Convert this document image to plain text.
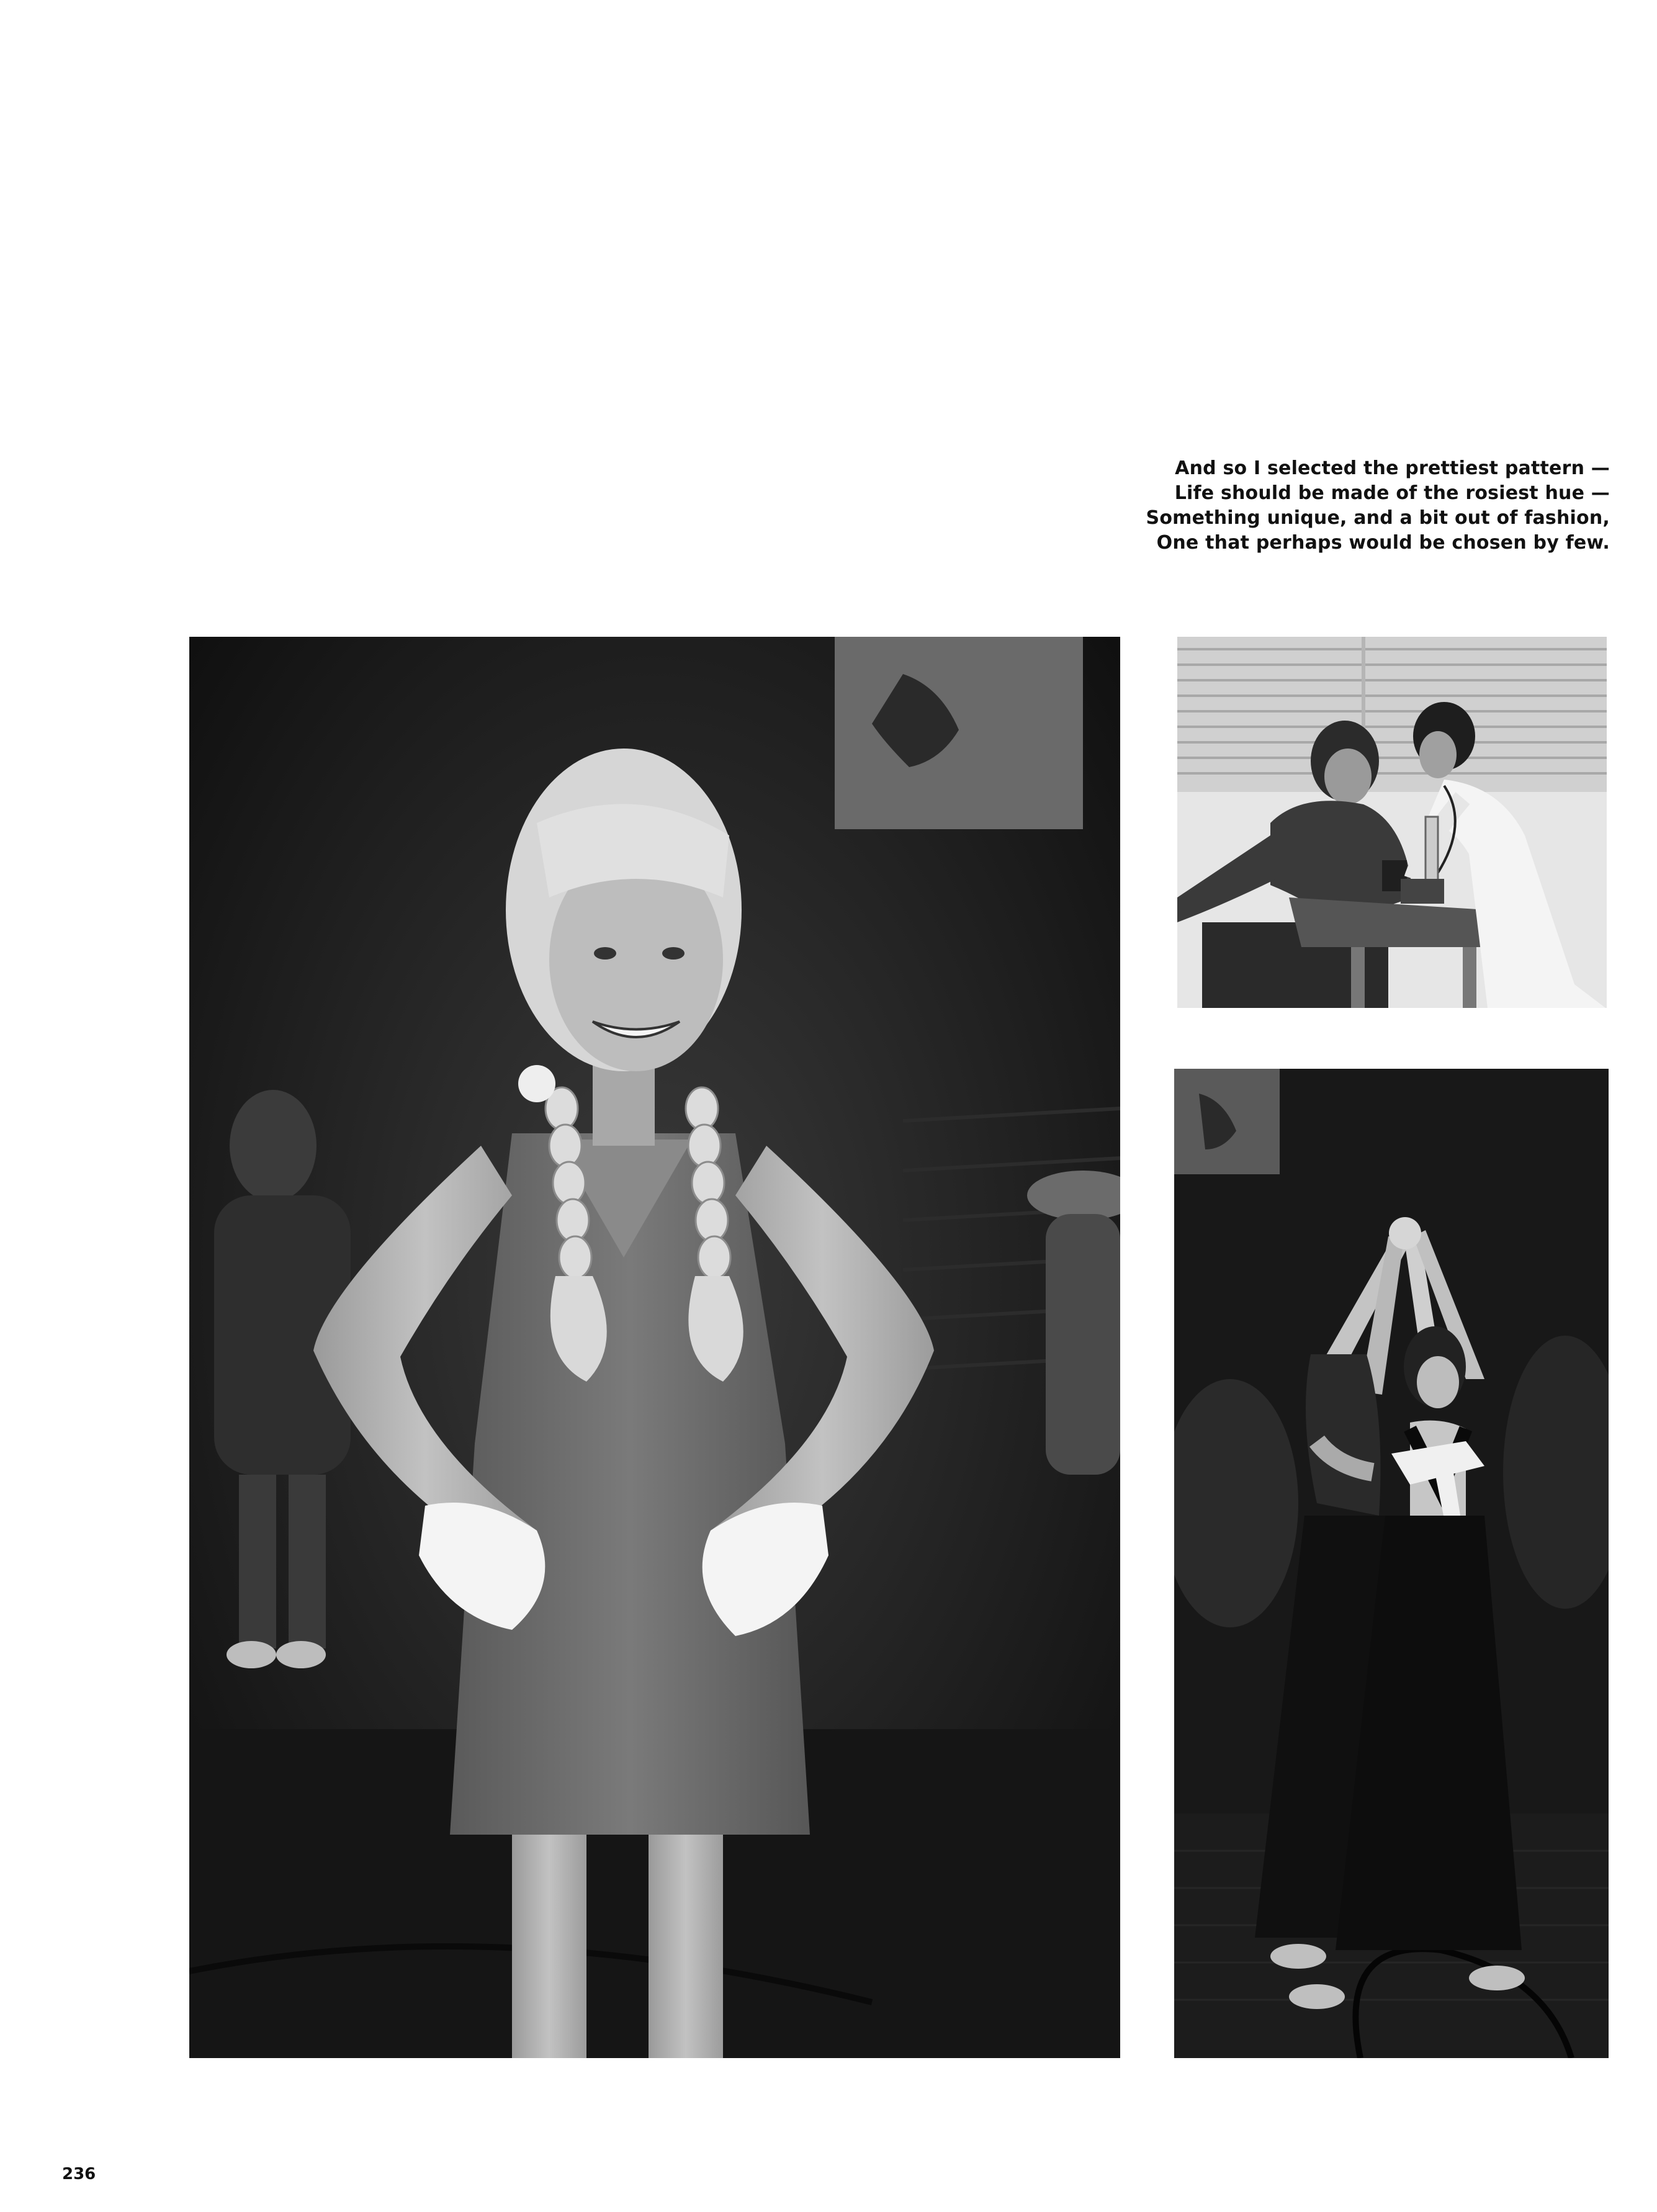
And so I selected the prettiest pattern —
Life should be made of the rosiest hue —
Something unique, and a bit out of fashion,
One that perhaps would be chosen by few.
236
